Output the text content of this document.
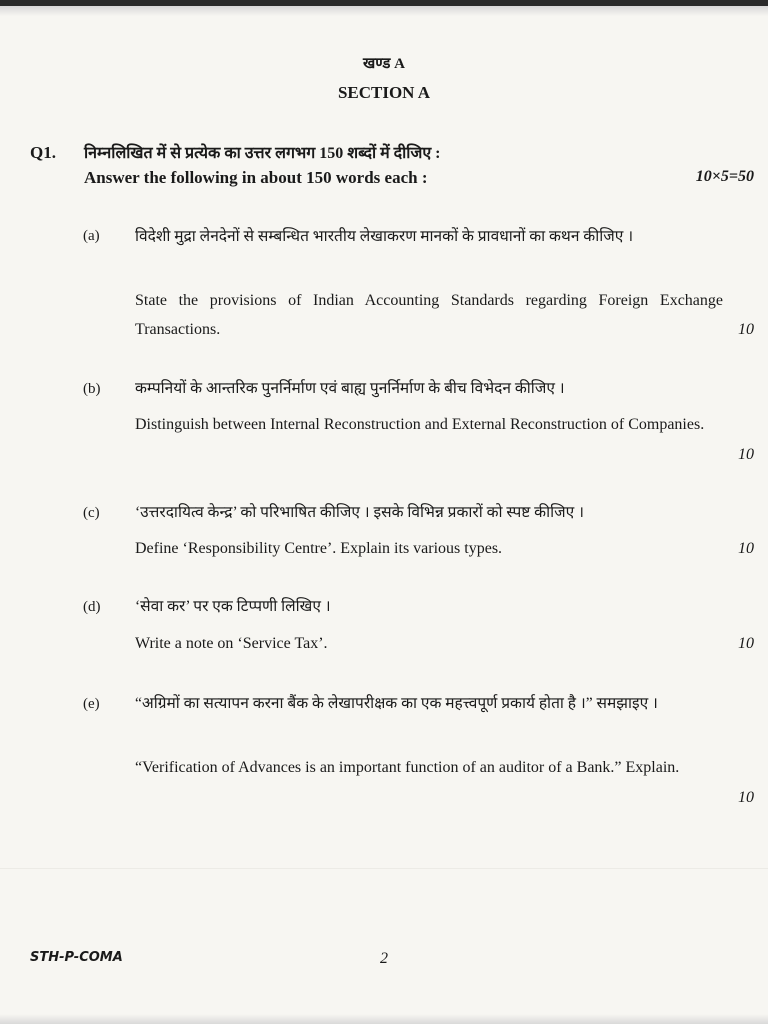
खण्ड A
SECTION A
Q1. निम्नलिखित में से प्रत्येक का उत्तर लगभग 150 शब्दों में दीजिए :
Answer the following in about 150 words each :	10×5=50
(a) विदेशी मुद्रा लेनदेनों से सम्बन्धित भारतीय लेखाकरण मानकों के प्रावधानों का कथन कीजिए ।
State the provisions of Indian Accounting Standards regarding Foreign Exchange Transactions.	10
(b) कम्पनियों के आन्तरिक पुनर्निर्माण एवं बाह्य पुनर्निर्माण के बीच विभेदन कीजिए ।
Distinguish between Internal Reconstruction and External Reconstruction of Companies.
10
(c) ‘उत्तरदायित्व केन्द्र’ को परिभाषित कीजिए । इसके विभिन्न प्रकारों को स्पष्ट कीजिए ।
Define ‘Responsibility Centre’. Explain its various types.	10
(d) ‘सेवा कर’ पर एक टिप्पणी लिखिए ।
Write a note on ‘Service Tax’.	10
(e) “अग्रिमों का सत्यापन करना बैंक के लेखापरीक्षक का एक महत्त्वपूर्ण प्रकार्य होता है ।” समझाइए ।
“Verification of Advances is an important function of an auditor of a Bank.” Explain.
10
STH-P-COMA	2
